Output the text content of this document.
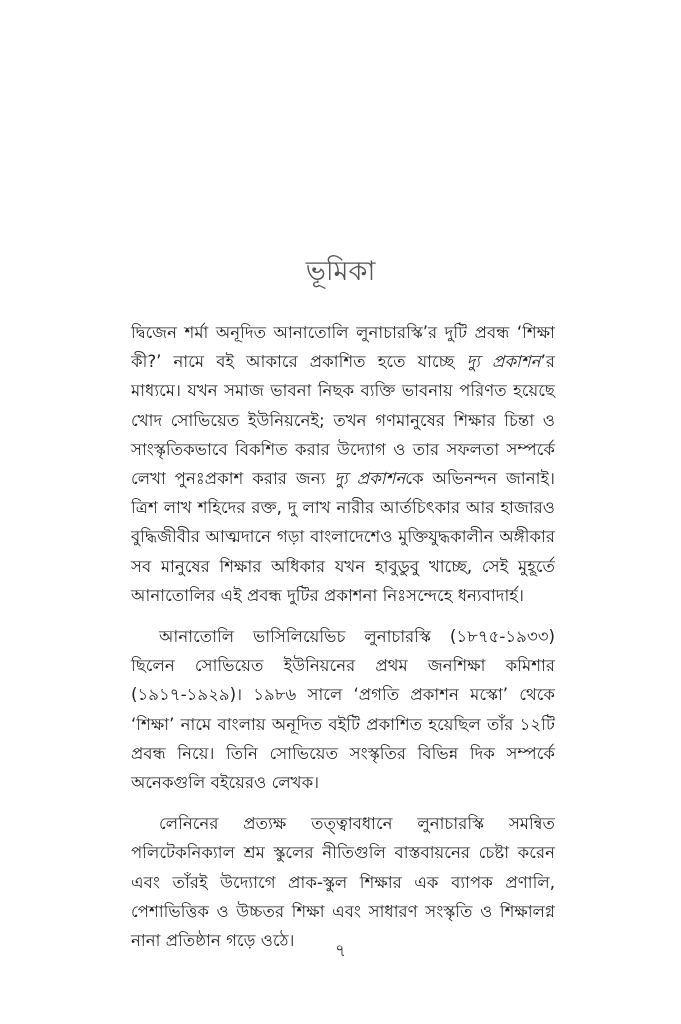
ভূমিকা

দ্বিজেন শর্মা অনূদিত আনাতোলি লুনাচারস্কি’র দুটি প্রবন্ধ ‘শিক্ষা কী?’ নামে বই আকারে প্রকাশিত হতে যাচ্ছে দ্যু প্রকাশন’র মাধ্যমে। যখন সমাজ ভাবনা নিছক ব্যক্তি ভাবনায় পরিণত হয়েছে খোদ সোভিয়েত ইউনিয়নেই; তখন গণমানুষের শিক্ষার চিন্তা ও সাংস্কৃতিকভাবে বিকশিত করার উদ্যোগ ও তার সফলতা সম্পর্কে লেখা পুনঃপ্রকাশ করার জন্য দ্যু প্রকাশনকে অভিনন্দন জানাই। ত্রিশ লাখ শহিদের রক্ত, দু লাখ নারীর আর্তচিৎকার আর হাজারও বুদ্ধিজীবীর আত্মদানে গড়া বাংলাদেশেও মুক্তিযুদ্ধকালীন অঙ্গীকার সব মানুষের শিক্ষার অধিকার যখন হাবুডুবু খাচ্ছে, সেই মুহূর্তে আনাতোলির এই প্রবন্ধ দুটির প্রকাশনা নিঃসন্দেহে ধন্যবাদার্হ।

আনাতোলি ভাসিলিয়েভিচ লুনাচারস্কি (১৮৭৫-১৯৩৩) ছিলেন সোভিয়েত ইউনিয়নের প্রথম জনশিক্ষা কমিশার (১৯১৭-১৯২৯)। ১৯৮৬ সালে ‘প্রগতি প্রকাশন মস্কো’ থেকে ‘শিক্ষা’ নামে বাংলায় অনূদিত বইটি প্রকাশিত হয়েছিল তাঁর ১২টি প্রবন্ধ নিয়ে। তিনি সোভিয়েত সংস্কৃতির বিভিন্ন দিক সম্পর্কে অনেকগুলি বইয়েরও লেখক।

লেনিনের প্রত্যক্ষ তত্ত্বাবধানে লুনাচারস্কি সমন্বিত পলিটেকনিক্যাল শ্রম স্কুলের নীতিগুলি বাস্তবায়নের চেষ্টা করেন এবং তাঁরই উদ্যোগে প্রাক-স্কুল শিক্ষার এক ব্যাপক প্রণালি, পেশাভিত্তিক ও উচ্চতর শিক্ষা এবং সাধারণ সংস্কৃতি ও শিক্ষালগ্ন নানা প্রতিষ্ঠান গড়ে ওঠে।

৭
